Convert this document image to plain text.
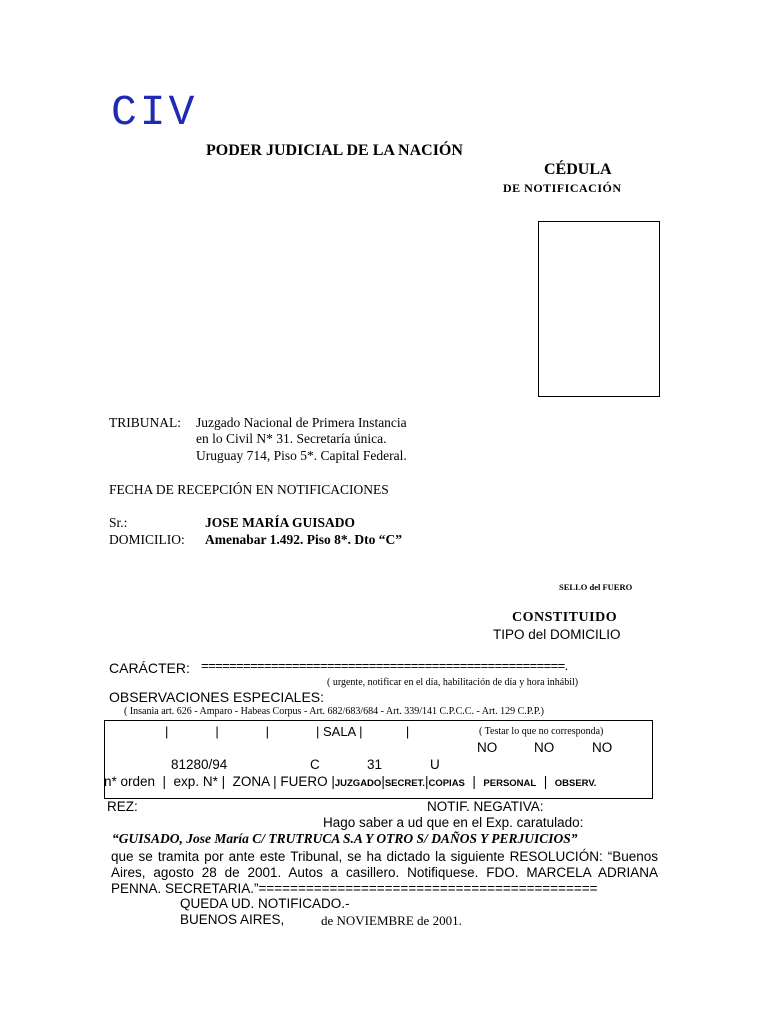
CIV
PODER JUDICIAL DE LA NACIÓN
CÉDULA
DE NOTIFICACIÓN
TRIBUNAL: Juzgado Nacional de Primera Instancia
en lo Civil N* 31. Secretaría única.
Uruguay 714, Piso 5*. Capital Federal.
FECHA DE RECEPCIÓN EN NOTIFICACIONES
Sr.:	JOSE MARÍA GUISADO
DOMICILIO: Amenabar 1.492. Piso 8*. Dto “C”
SELLO del FUERO
CONSTITUIDO
TIPO del DOMICILIO
CARÁCTER: ====================================================.
( urgente, notificar en el día, habilitación de día y hora inhábil)
OBSERVACIONES ESPECIALES:
( Insania art. 626 - Amparo - Habeas Corpus - Art. 682/683/684 - Art. 339/141 C.P.C.C. - Art. 129 C.P.P.)
|             |             |             | SALA |            |	( Testar lo que no corresponda)
NO	NO	NO
81280/94	C	31	U
n* orden  |  exp. N* |  ZONA | FUERO |JUZGADO|SECRET.|COPIAS  |  PERSONAL  |  OBSERV.
REZ:	NOTIF. NEGATIVA:
Hago saber a ud que en el Exp. caratulado:
“GUISADO, Jose María C/ TRUTRUCA S.A Y OTRO S/ DAÑOS Y PERJUICIOS”
que se tramita por ante este Tribunal, se ha dictado la siguiente RESOLUCIÓN: “Buenos Aires, agosto 28 de 2001. Autos a casillero. Notifiquese. FDO. MARCELA ADRIANA PENNA. SECRETARIA.”===========================================
QUEDA UD. NOTIFICADO.-
BUENOS AIRES,	de NOVIEMBRE de 2001.
